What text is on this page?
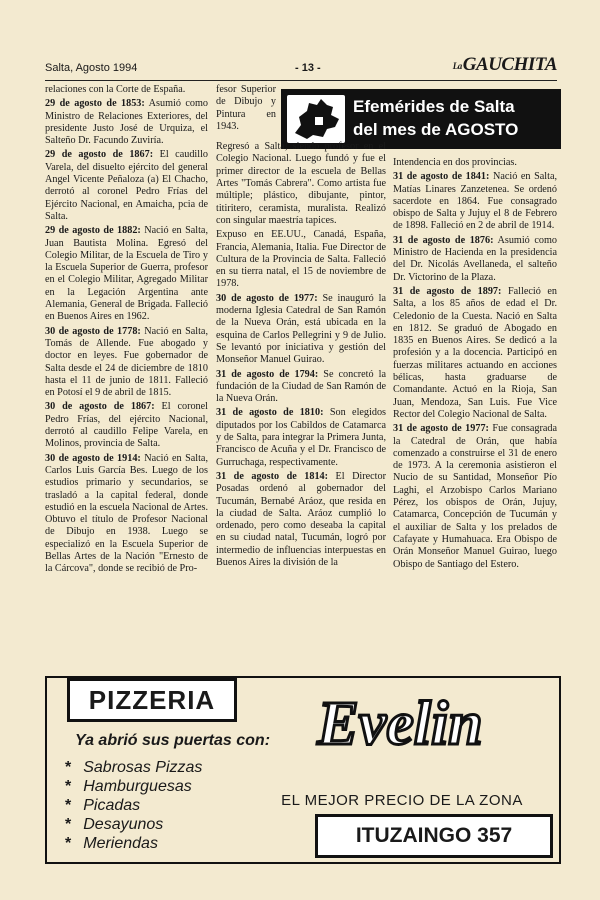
Salta, Agosto 1994	- 13 -	LaGAUCHITA

relaciones con la Corte de España.

29 de agosto de 1853: Asumió como Ministro de Relaciones Exteriores, del presidente Justo José de Urquiza, el Salteño Dr. Facundo Zuviría.

29 de agosto de 1867: El caudillo Varela, del disuelto ejército del general Angel Vicente Peñaloza (a) El Chacho, derrotó al coronel Pedro Frías del Ejército Nacional, en Amaicha, pcia de Salta.

29 de agosto de 1882: Nació en Salta, Juan Bautista Molina. Egresó del Colegio Militar, de la Escuela de Tiro y la Escuela Superior de Guerra, profesor en el Colegio Militar, Agregado Militar en la Legación Argentina ante Alemania, General de Brigada. Falleció en Buenos Aires en 1962.

30 de agosto de 1778: Nació en Salta, Tomás de Allende. Fue abogado y doctor en leyes. Fue gobernador de Salta desde el 24 de diciembre de 1810 hasta el 11 de junio de 1811. Falleció en Potosí el 9 de abril de 1815.

30 de agosto de 1867: El coronel Pedro Frías, del ejército Nacional, derrotó al caudillo Felipe Varela, en Molinos, provincia de Salta.

30 de agosto de 1914: Nació en Salta, Carlos Luis García Bes. Luego de los estudios primario y secundarios, se trasladó a la capital federal, donde estudió en la escuela Nacional de Artes. Obtuvo el título de Profesor Nacional de Dibujo en 1938. Luego se especializó en la Escuela Superior de Bellas Artes de la Nación "Ernesto de la Cárcova", donde se recibió de Pro-

Efemérides de Salta
del mes de AGOSTO

fesor Superior de Dibujo y Pintura en 1943.

Regresó a Salta, siendo profesor en el Colegio Nacional. Luego fundó y fue el primer director de la escuela de Bellas Artes "Tomás Cabrera". Como artista fue múltiple; plástico, dibujante, pintor, titiritero, ceramista, muralista. Realizó con singular maestría tapices.

Expuso en EE.UU., Canadá, España, Francia, Alemania, Italia. Fue Director de Cultura de la Provincia de Salta. Falleció en su tierra natal, el 15 de noviembre de 1978.

30 de agosto de 1977: Se inauguró la moderna Iglesia Catedral de San Ramón de la Nueva Orán, está ubicada en la esquina de Carlos Pellegrini y 9 de Julio. Se levantó por iniciativa y gestión del Monseñor Manuel Guirao.

31 de agosto de 1794: Se concretó la fundación de la Ciudad de San Ramón de la Nueva Orán.

31 de agosto de 1810: Son elegidos diputados por los Cabildos de Catamarca y de Salta, para integrar la Primera Junta, Francisco de Acuña y el Dr. Francisco de Gurruchaga, respectivamente.

31 de agosto de 1814: El Director Posadas ordenó al gobernador del Tucumán, Bernabé Aráoz, que resida en la ciudad de Salta. Aráoz cumplió lo ordenado, pero como deseaba la capital en su ciudad natal, Tucumán, logró por intermedio de influencias interpuestas en Buenos Aires la división de la

Intendencia en dos provincias.

31 de agosto de 1841: Nació en Salta, Matías Linares Zanzetenea. Se ordenó sacerdote en 1864. Fue consagrado obispo de Salta y Jujuy el 8 de Febrero de 1898. Falleció en 2 de abril de 1914.

31 de agosto de 1876: Asumió como Ministro de Hacienda en la presidencia del Dr. Nicolás Avellaneda, el salteño Dr. Victorino de la Plaza.

31 de agosto de 1897: Falleció en Salta, a los 85 años de edad el Dr. Celedonio de la Cuesta. Nació en Salta en 1812. Se graduó de Abogado en 1835 en Buenos Aires. Se dedicó a la profesión y a la docencia. Participó en fuerzas militares actuando en acciones bélicas, hasta graduarse de Comandante. Actuó en la Rioja, San Juan, Mendoza, San Luis. Fue Vice Rector del Colegio Nacional de Salta.

31 de agosto de 1977: Fue consagrada la Catedral de Orán, que había comenzado a construirse el 31 de enero de 1973. A la ceremonia asistieron el Nucio de su Santidad, Monseñor Pío Laghi, el Arzobispo Carlos Mariano Pérez, los obispos de Orán, Jujuy, Catamarca, Concepción de Tucumán y el auxiliar de Salta y los prelados de Cafayate y Humahuaca. Era Obispo de Orán Monseñor Manuel Guirao, luego Obispo de Santiago del Estero.

PIZZERIA
Ya abrió sus puertas con:
* Sabrosas Pizzas
* Hamburguesas
* Picadas
* Desayunos
* Meriendas
Evelin
EL MEJOR PRECIO DE LA ZONA
ITUZAINGO 357
